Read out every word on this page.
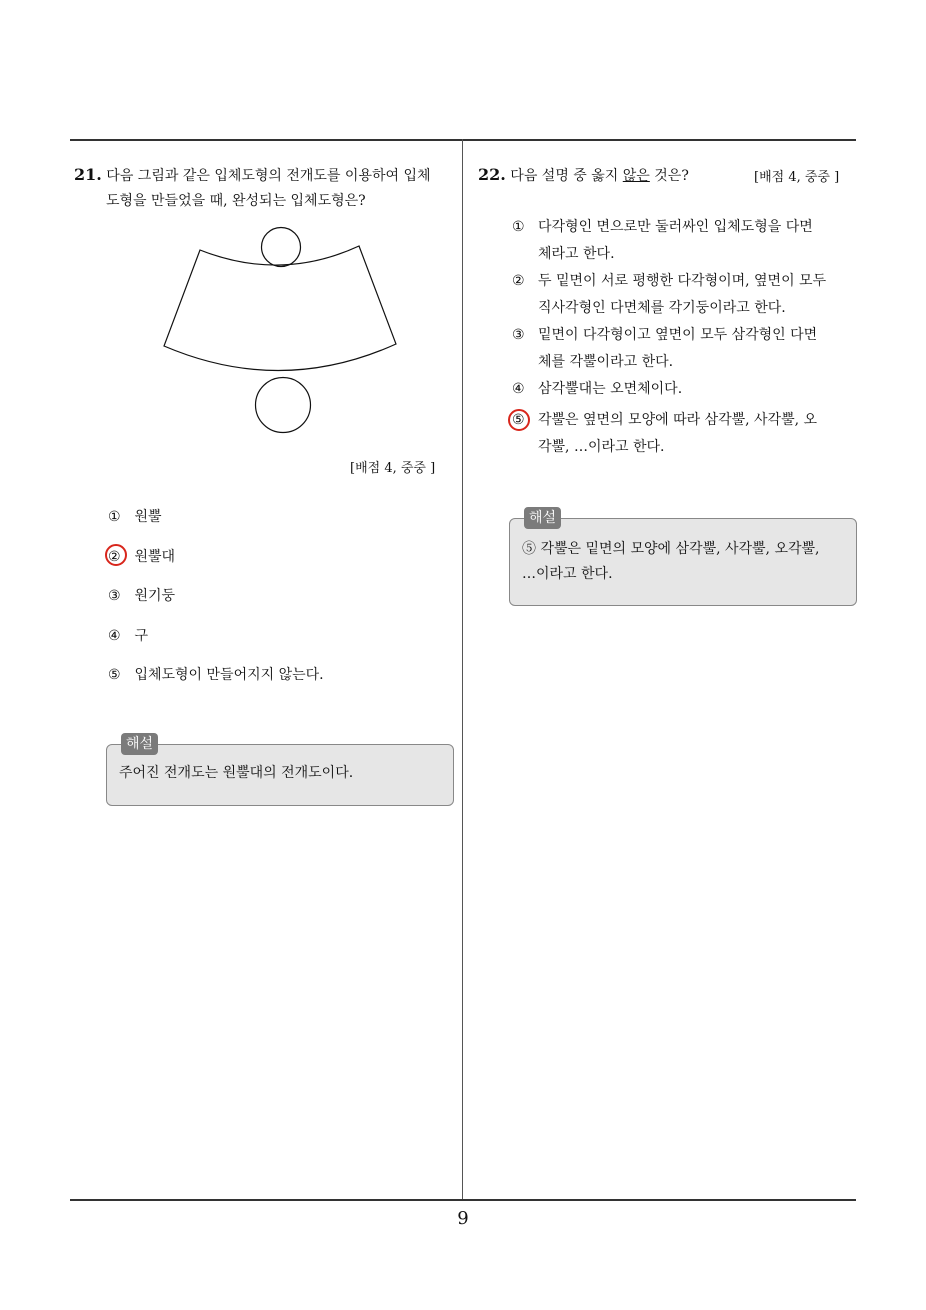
21. 다음 그림과 같은 입체도형의 전개도를 이용하여 입체
도형을 만들었을 때, 완성되는 입체도형은?
[배점 4, 중중 ]
① 원뿔
② 원뿔대
③ 원기둥
④ 구
⑤ 입체도형이 만들어지지 않는다.
해설
주어진 전개도는 원뿔대의 전개도이다.
22. 다음 설명 중 옳지 않은 것은?	[배점 4, 중중 ]
① 다각형인 면으로만 둘러싸인 입체도형을 다면
체라고 한다.
② 두 밑면이 서로 평행한 다각형이며, 옆면이 모두
직사각형인 다면체를 각기둥이라고 한다.
③ 밑면이 다각형이고 옆면이 모두 삼각형인 다면
체를 각뿔이라고 한다.
④ 삼각뿔대는 오면체이다.
⑤ 각뿔은 옆면의 모양에 따라 삼각뿔, 사각뿔, 오
각뿔, …이라고 한다.
해설
⑤ 각뿔은 밑면의 모양에 삼각뿔, 사각뿔, 오각뿔,
…이라고 한다.
9
